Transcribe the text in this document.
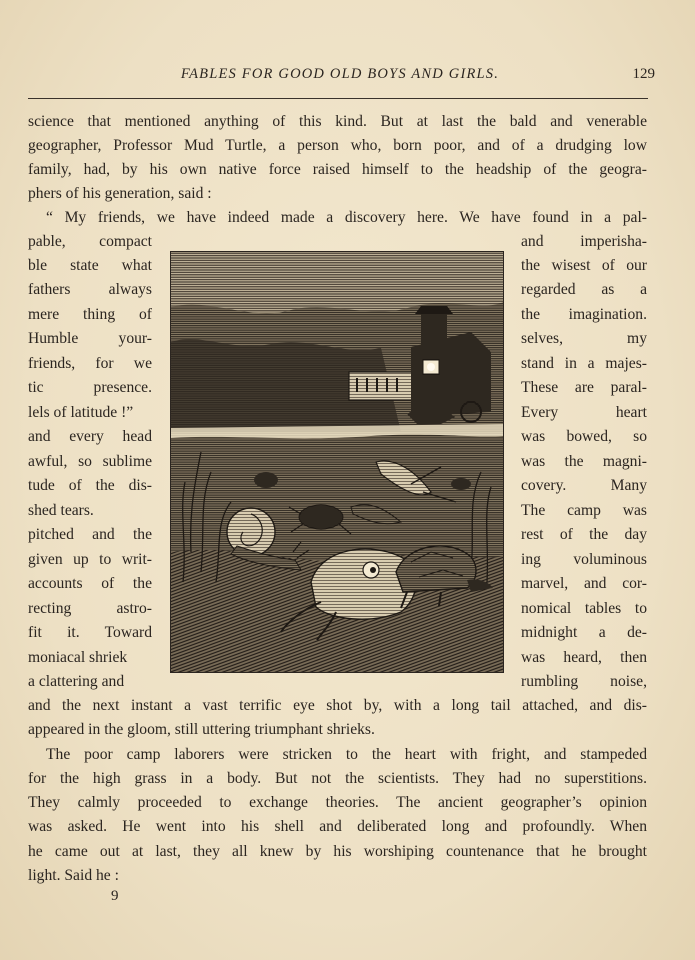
FABLES FOR GOOD OLD BOYS AND GIRLS.	129
science that mentioned anything of this kind. But at last the bald and venerable
geographer, Professor Mud Turtle, a person who, born poor, and of a drudging low
family, had, by his own native force raised himself to the headship of the geogra-
phers of his generation, said :
“ My friends, we have indeed made a discovery here. We have found in a pal-
pable, compact
ble state what
fathers always
mere thing of
Humble your-
friends, for we
tic presence.
lels of latitude !”
and every head
awful, so sublime
tude of the dis-
shed tears.
pitched and the
given up to writ-
accounts of the
recting astro-
fit it. Toward
moniacal shriek
a clattering and
and imperisha-
the wisest of our
regarded as a
the imagination.
selves, my
stand in a majes-
These are paral-
Every heart
was bowed, so
was the magni-
covery. Many
The camp was
rest of the day
ing voluminous
marvel, and cor-
nomical tables to
midnight a de-
was heard, then
rumbling noise,
and the next instant a vast terrific eye shot by, with a long tail attached, and dis-
appeared in the gloom, still uttering triumphant shrieks.
The poor camp laborers were stricken to the heart with fright, and stampeded
for the high grass in a body. But not the scientists. They had no superstitions.
They calmly proceeded to exchange theories. The ancient geographer’s opinion
was asked. He went into his shell and deliberated long and profoundly. When
he came out at last, they all knew by his worshiping countenance that he brought
light. Said he :
9
